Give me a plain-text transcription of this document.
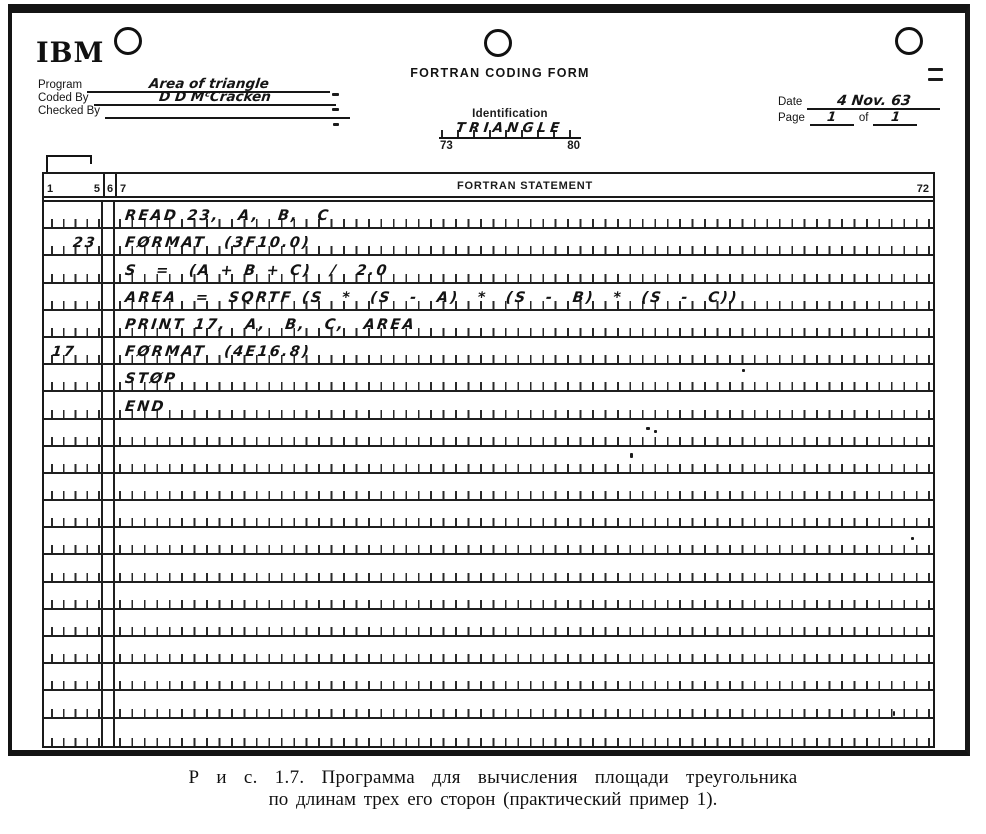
IBM
Program	Area of triangle
Coded By	D D MᶜCracken
Checked By
FORTRAN CODING FORM
Identification
TRIANGLE
73	80
Date	4 Nov. 63
Page	1	of	1
1	5 6 7	FORTRAN STATEMENT	72
READ 23,  A,  B,  C
23 FØRMAT  (3F10.0)
S  =  (A + B + C)  /  2.0
AREA  =  SQRTF (S  *  (S  -  A)  *  (S  -  B)  *  (S  -  C))
PRINT 17,  A,  B,  C,  AREA
17	FØRMAT  (4E16.8)
STØP
END
Р и с. 1.7. Программа для вычисления площади треугольника
по длинам трех его сторон (практический пример 1).
